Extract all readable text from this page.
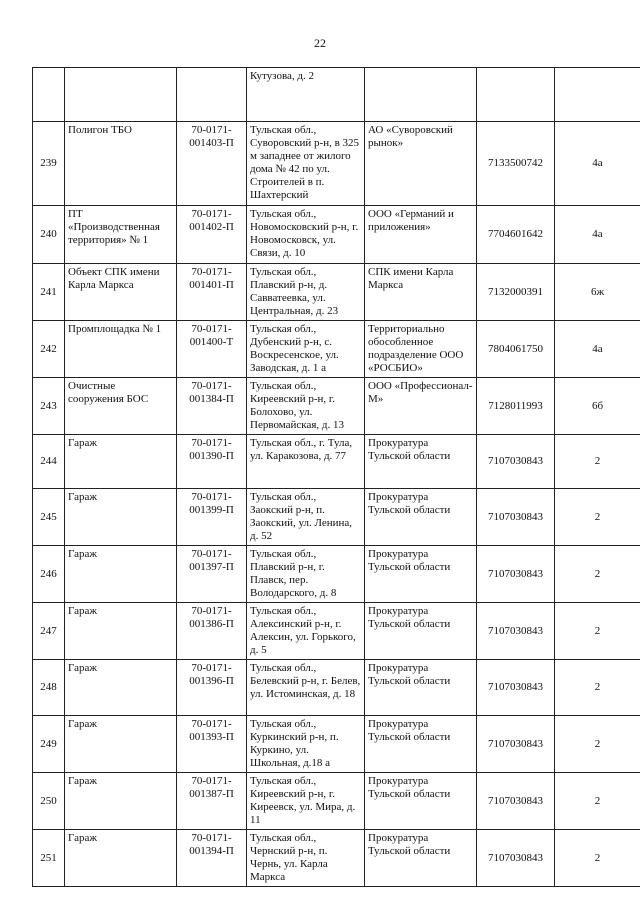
22
			Кутузова, д. 2			
239	Полигон ТБО	70-0171-001403-П	Тульская обл., Суворовский р-н, в 325 м западнее от жилого дома № 42 по ул. Строителей в п. Шахтерский	АО «Суворовский рынок»	7133500742	4а
240	ПТ «Производственная территория» № 1	70-0171-001402-П	Тульская обл., Новомосковский р-н, г. Новомосковск, ул. Связи, д. 10	ООО «Германий и приложения»	7704601642	4а
241	Объект СПК имени Карла Маркса	70-0171-001401-П	Тульская обл., Плавский р-н, д. Савватеевка, ул. Центральная, д. 23	СПК имени Карла Маркса	7132000391	6ж
242	Промплощадка № 1	70-0171-001400-Т	Тульская обл., Дубенский р-н, с. Воскресенское, ул. Заводская, д. 1 а	Территориально обособленное подразделение ООО «РОСБИО»	7804061750	4а
243	Очистные сооружения БОС	70-0171-001384-П	Тульская обл., Киреевский р-н, г. Болохово, ул. Первомайская, д. 13	ООО «Профессионал-М»	7128011993	6б
244	Гараж	70-0171-001390-П	Тульская обл., г. Тула, ул. Каракозова, д. 77	Прокуратура Тульской области	7107030843	2
245	Гараж	70-0171-001399-П	Тульская обл., Заокский р-н, п. Заокский, ул. Ленина, д. 52	Прокуратура Тульской области	7107030843	2
246	Гараж	70-0171-001397-П	Тульская обл., Плавский р-н, г. Плавск, пер. Володарского, д. 8	Прокуратура Тульской области	7107030843	2
247	Гараж	70-0171-001386-П	Тульская обл., Алексинский р-н, г. Алексин, ул. Горького, д. 5	Прокуратура Тульской области	7107030843	2
248	Гараж	70-0171-001396-П	Тульская обл., Белевский р-н, г. Белев, ул. Истоминская, д. 18	Прокуратура Тульской области	7107030843	2
249	Гараж	70-0171-001393-П	Тульская обл., Куркинский р-н, п. Куркино, ул. Школьная, д.18 а	Прокуратура Тульской области	7107030843	2
250	Гараж	70-0171-001387-П	Тульская обл., Киреевский р-н, г. Киреевск, ул. Мира, д. 11	Прокуратура Тульской области	7107030843	2
251	Гараж	70-0171-001394-П	Тульская обл., Чернский р-н, п. Чернь, ул. Карла Маркса	Прокуратура Тульской области	7107030843	2
